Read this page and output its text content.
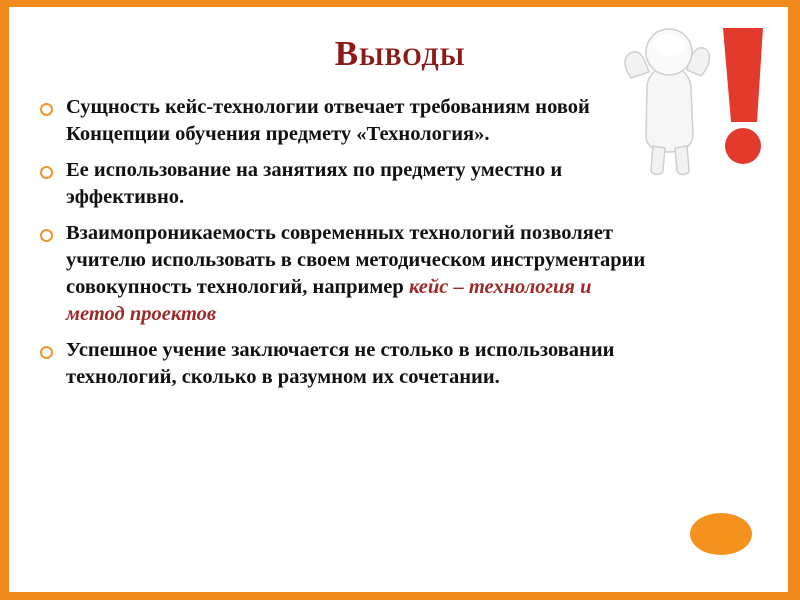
Выводы
Сущность кейс-технологии отвечает требованиям новой Концепции обучения предмету «Технология».
Ее использование на занятиях по предмету уместно и эффективно.
Взаимопроникаемость современных технологий позволяет учителю использовать в своем методическом инструментарии совокупность технологий, например кейс – технология и метод проектов
Успешное учение заключается не столько в использовании технологий, сколько в разумном их сочетании.
